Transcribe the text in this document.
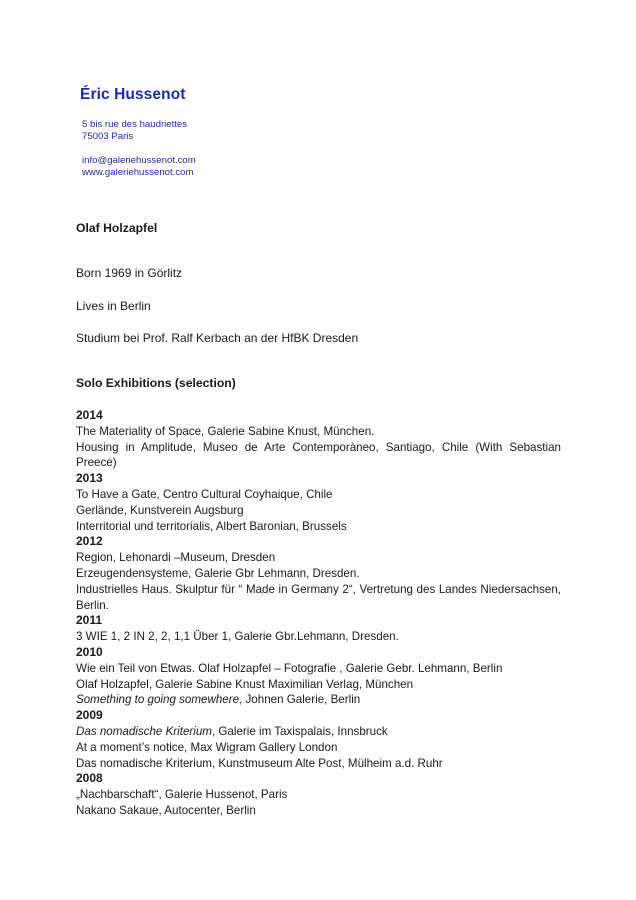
Éric Hussenot
5 bis rue des haudriettes
75003 Paris
info@galeriehussenot.com
www.galeriehussenot.com
Olaf Holzapfel

Born 1969 in Görlitz

Lives in Berlin

Studium bei Prof. Ralf Kerbach an der HfBK Dresden

Solo Exhibitions (selection)
2014
The Materiality of Space, Galerie Sabine Knust, München.
Housing in Amplitude, Museo de Arte Contemporàneo, Santiago, Chile (With Sebastian Preece)
2013
To Have a Gate, Centro Cultural Coyhaique, Chile
Gerlände, Kunstverein Augsburg
Interritorial und territorialis, Albert Baronian, Brussels
2012
Region, Lehonardi –Museum, Dresden
Erzeugendensysteme, Galerie Gbr Lehmann, Dresden.
Industrielles Haus. Skulptur für “ Made in Germany 2“, Vertretung des Landes Niedersachsen, Berlin.
2011
3 WIE 1, 2 IN 2, 2, 1,1 Über 1, Galerie Gbr.Lehmann, Dresden.
2010
Wie ein Teil von Etwas. Olaf Holzapfel – Fotografie , Galerie Gebr. Lehmann, Berlin
Olaf Holzapfel, Galerie Sabine Knust Maximilian Verlag, München
Something to going somewhere, Johnen Galerie, Berlin
2009
Das nomadische Kriterium, Galerie im Taxispalais, Innsbruck
At a moment’s notice, Max Wigram Gallery London
Das nomadische Kriterium, Kunstmuseum Alte Post, Mülheim a.d. Ruhr
2008
„Nachbarschaft“, Galerie Hussenot, Paris
Nakano Sakaue, Autocenter, Berlin
